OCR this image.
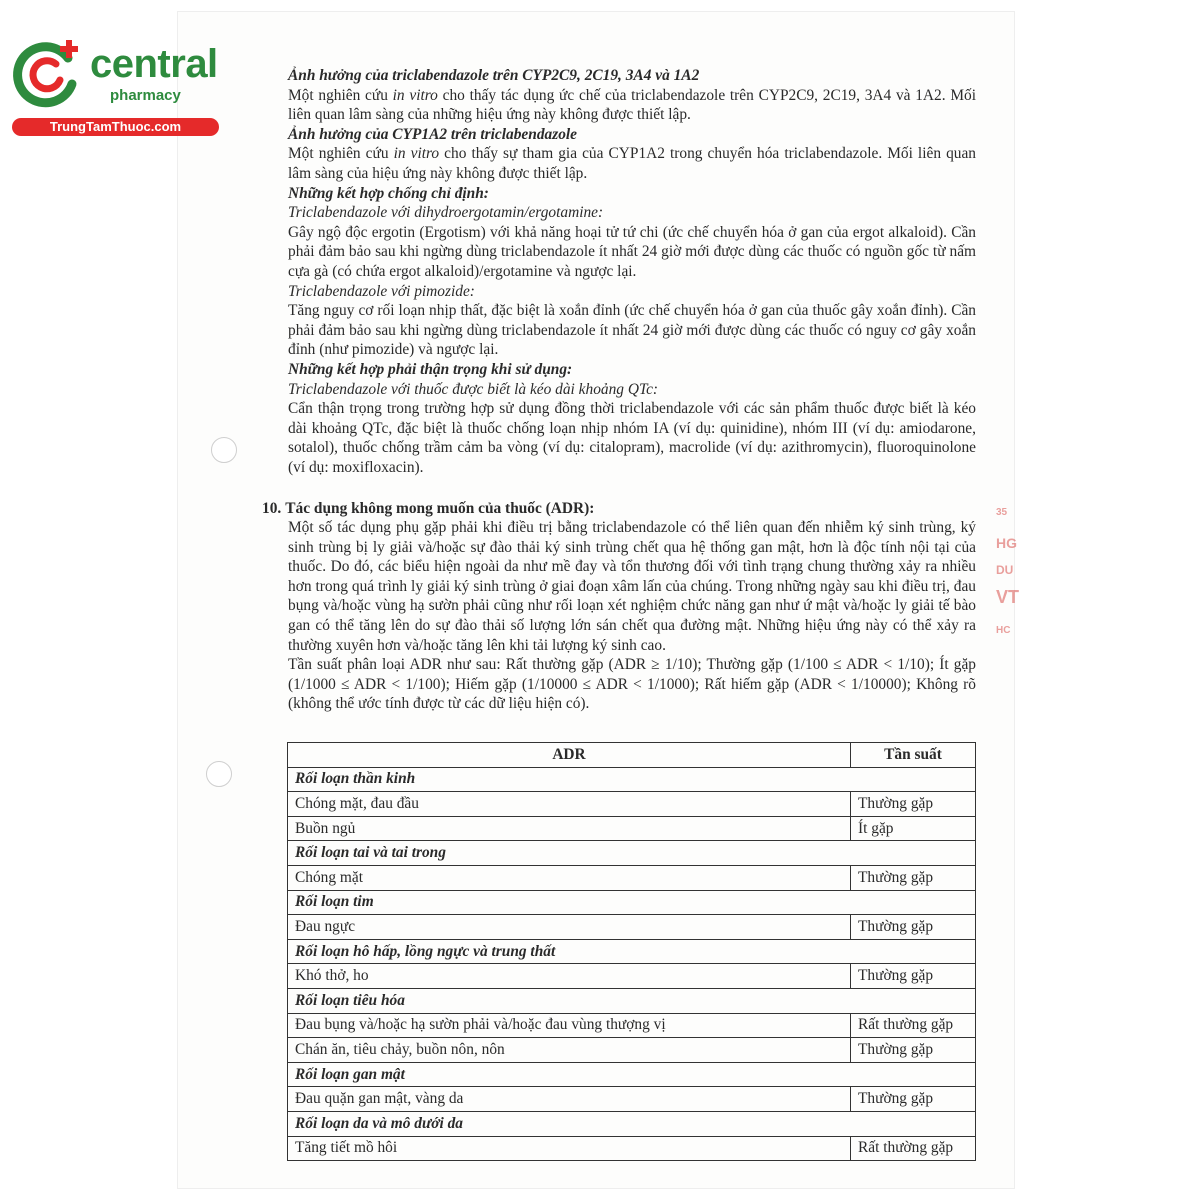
central
pharmacy
TrungTamThuoc.com

Ảnh hưởng của triclabendazole trên CYP2C9, 2C19, 3A4 và 1A2

Một nghiên cứu in vitro cho thấy tác dụng ức chế của triclabendazole trên CYP2C9, 2C19, 3A4 và 1A2. Mối liên quan lâm sàng của những hiệu ứng này không được thiết lập.

Ảnh hưởng của CYP1A2 trên triclabendazole

Một nghiên cứu in vitro cho thấy sự tham gia của CYP1A2 trong chuyển hóa triclabendazole. Mối liên quan lâm sàng của hiệu ứng này không được thiết lập.

Những kết hợp chống chỉ định:

Triclabendazole với dihydroergotamin/ergotamine:

Gây ngộ độc ergotin (Ergotism) với khả năng hoại tử tứ chi (ức chế chuyển hóa ở gan của ergot alkaloid). Cần phải đảm bảo sau khi ngừng dùng triclabendazole ít nhất 24 giờ mới được dùng các thuốc có nguồn gốc từ nấm cựa gà (có chứa ergot alkaloid)/ergotamine và ngược lại.

Triclabendazole với pimozide:

Tăng nguy cơ rối loạn nhịp thất, đặc biệt là xoắn đỉnh (ức chế chuyển hóa ở gan của thuốc gây xoắn đỉnh). Cần phải đảm bảo sau khi ngừng dùng triclabendazole ít nhất 24 giờ mới được dùng các thuốc có nguy cơ gây xoắn đỉnh (như pimozide) và ngược lại.

Những kết hợp phải thận trọng khi sử dụng:

Triclabendazole với thuốc được biết là kéo dài khoảng QTc:

Cẩn thận trọng trong trường hợp sử dụng đồng thời triclabendazole với các sản phẩm thuốc được biết là kéo dài khoảng QTc, đặc biệt là thuốc chống loạn nhịp nhóm IA (ví dụ: quinidine), nhóm III (ví dụ: amiodarone, sotalol), thuốc chống trầm cảm ba vòng (ví dụ: citalopram), macrolide (ví dụ: azithromycin), fluoroquinolone (ví dụ: moxifloxacin).

10. Tác dụng không mong muốn của thuốc (ADR):

Một số tác dụng phụ gặp phải khi điều trị bằng triclabendazole có thể liên quan đến nhiễm ký sinh trùng, ký sinh trùng bị ly giải và/hoặc sự đào thải ký sinh trùng chết qua hệ thống gan mật, hơn là độc tính nội tại của thuốc. Do đó, các biểu hiện ngoài da như mề đay và tổn thương đối với tình trạng chung thường xảy ra nhiều hơn trong quá trình ly giải ký sinh trùng ở giai đoạn xâm lấn của chúng. Trong những ngày sau khi điều trị, đau bụng và/hoặc vùng hạ sườn phải cũng như rối loạn xét nghiệm chức năng gan như ứ mật và/hoặc ly giải tế bào gan có thể tăng lên do sự đào thải số lượng lớn sán chết qua đường mật. Những hiệu ứng này có thể xảy ra thường xuyên hơn và/hoặc tăng lên khi tải lượng ký sinh cao.

Tần suất phân loại ADR như sau: Rất thường gặp (ADR ≥ 1/10); Thường gặp (1/100 ≤ ADR < 1/10); Ít gặp (1/1000 ≤ ADR < 1/100); Hiếm gặp (1/10000 ≤ ADR < 1/1000); Rất hiếm gặp (ADR < 1/10000); Không rõ (không thể ước tính được từ các dữ liệu hiện có).

ADR	Tần suất
Rối loạn thần kinh	
Chóng mặt, đau đầu	Thường gặp
Buồn ngủ	Ít gặp
Rối loạn tai và tai trong	
Chóng mặt	Thường gặp
Rối loạn tim	
Đau ngực	Thường gặp
Rối loạn hô hấp, lồng ngực và trung thất	
Khó thở, ho	Thường gặp
Rối loạn tiêu hóa	
Đau bụng và/hoặc hạ sườn phải và/hoặc đau vùng thượng vị	Rất thường gặp
Chán ăn, tiêu chảy, buồn nôn, nôn	Thường gặp
Rối loạn gan mật	
Đau quặn gan mật, vàng da	Thường gặp
Rối loạn da và mô dưới da	
Tăng tiết mồ hôi	Rất thường gặp
35
HG
DU
VT
HC
